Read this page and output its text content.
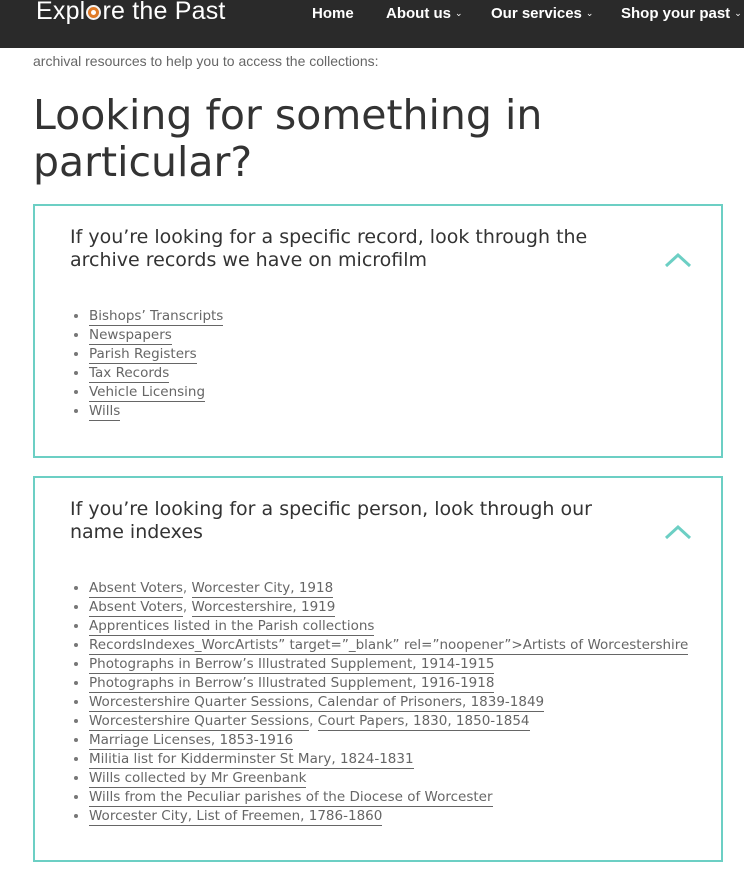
Expl re the Past	Home About us ⌄ Our services ⌄ Shop your past ⌄
archival resources to help you to access the collections:
Looking for something in particular?
If you’re looking for a specific record, look through the archive records we have on microfilm
• Bishops’ Transcripts
• Newspapers
• Parish Registers
• Tax Records
• Vehicle Licensing
• Wills
If you’re looking for a specific person, look through our name indexes
• Absent Voters, Worcester City, 1918
• Absent Voters, Worcestershire, 1919
• Apprentices listed in the Parish collections
• RecordsIndexes_WorcArtists” target=”_blank” rel=”noopener”>Artists of Worcestershire
• Photographs in Berrow’s Illustrated Supplement, 1914-1915
• Photographs in Berrow’s Illustrated Supplement, 1916-1918
• Worcestershire Quarter Sessions, Calendar of Prisoners, 1839-1849
• Worcestershire Quarter Sessions, Court Papers, 1830, 1850-1854
• Marriage Licenses, 1853-1916
• Militia list for Kidderminster St Mary, 1824-1831
• Wills collected by Mr Greenbank
• Wills from the Peculiar parishes of the Diocese of Worcester
• Worcester City, List of Freemen, 1786-1860
